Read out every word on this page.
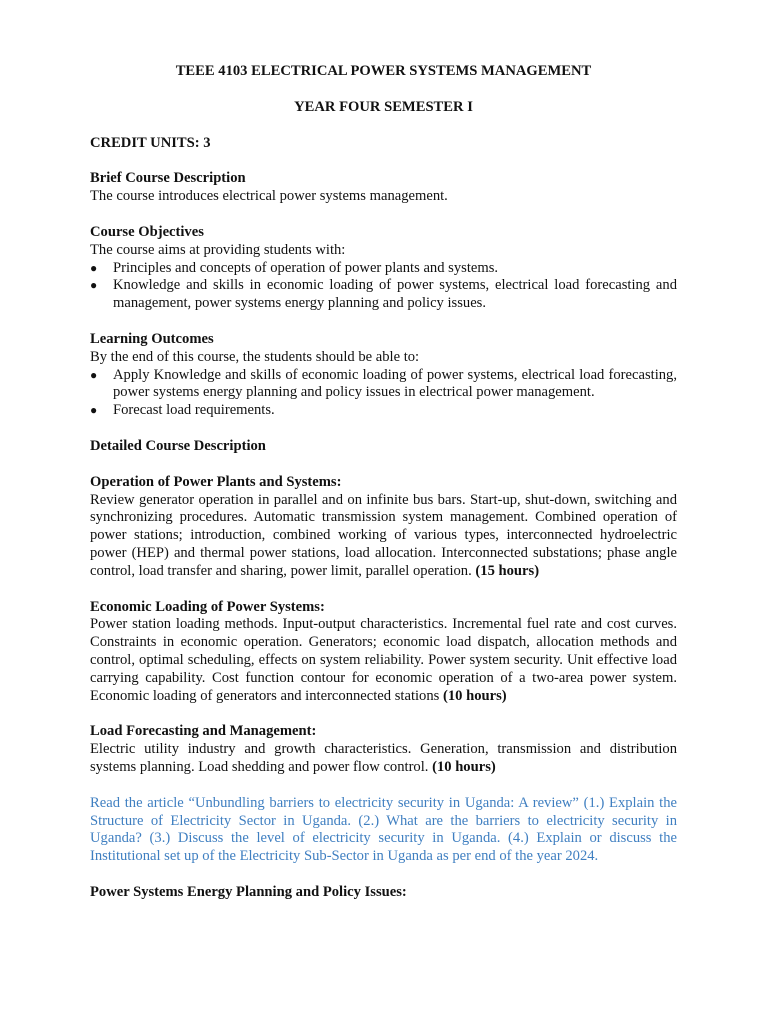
TEEE 4103 ELECTRICAL POWER SYSTEMS MANAGEMENT

YEAR FOUR SEMESTER I

CREDIT UNITS: 3

Brief Course Description

The course introduces electrical power systems management.

Course Objectives

The course aims at providing students with:

● Principles and concepts of operation of power plants and systems.
● Knowledge and skills in economic loading of power systems, electrical load forecasting and management, power systems energy planning and policy issues.

Learning Outcomes

By the end of this course, the students should be able to:

● Apply Knowledge and skills of economic loading of power systems, electrical load forecasting, power systems energy planning and policy issues in electrical power management.
● Forecast load requirements.

Detailed Course Description

Operation of Power Plants and Systems:

Review generator operation in parallel and on infinite bus bars. Start-up, shut-down, switching and synchronizing procedures. Automatic transmission system management. Combined operation of power stations; introduction, combined working of various types, interconnected hydroelectric power (HEP) and thermal power stations, load allocation. Interconnected substations; phase angle control, load transfer and sharing, power limit, parallel operation. (15 hours)

Economic Loading of Power Systems:

Power station loading methods. Input-output characteristics. Incremental fuel rate and cost curves. Constraints in economic operation. Generators; economic load dispatch, allocation methods and control, optimal scheduling, effects on system reliability. Power system security. Unit effective load carrying capability. Cost function contour for economic operation of a two-area power system. Economic loading of generators and interconnected stations (10 hours)

Load Forecasting and Management:

Electric utility industry and growth characteristics. Generation, transmission and distribution systems planning. Load shedding and power flow control. (10 hours)

Read the article “Unbundling barriers to electricity security in Uganda: A review” (1.) Explain the Structure of Electricity Sector in Uganda. (2.) What are the barriers to electricity security in Uganda? (3.) Discuss the level of electricity security in Uganda. (4.) Explain or discuss the Institutional set up of the Electricity Sub-Sector in Uganda as per end of the year 2024.

Power Systems Energy Planning and Policy Issues:
